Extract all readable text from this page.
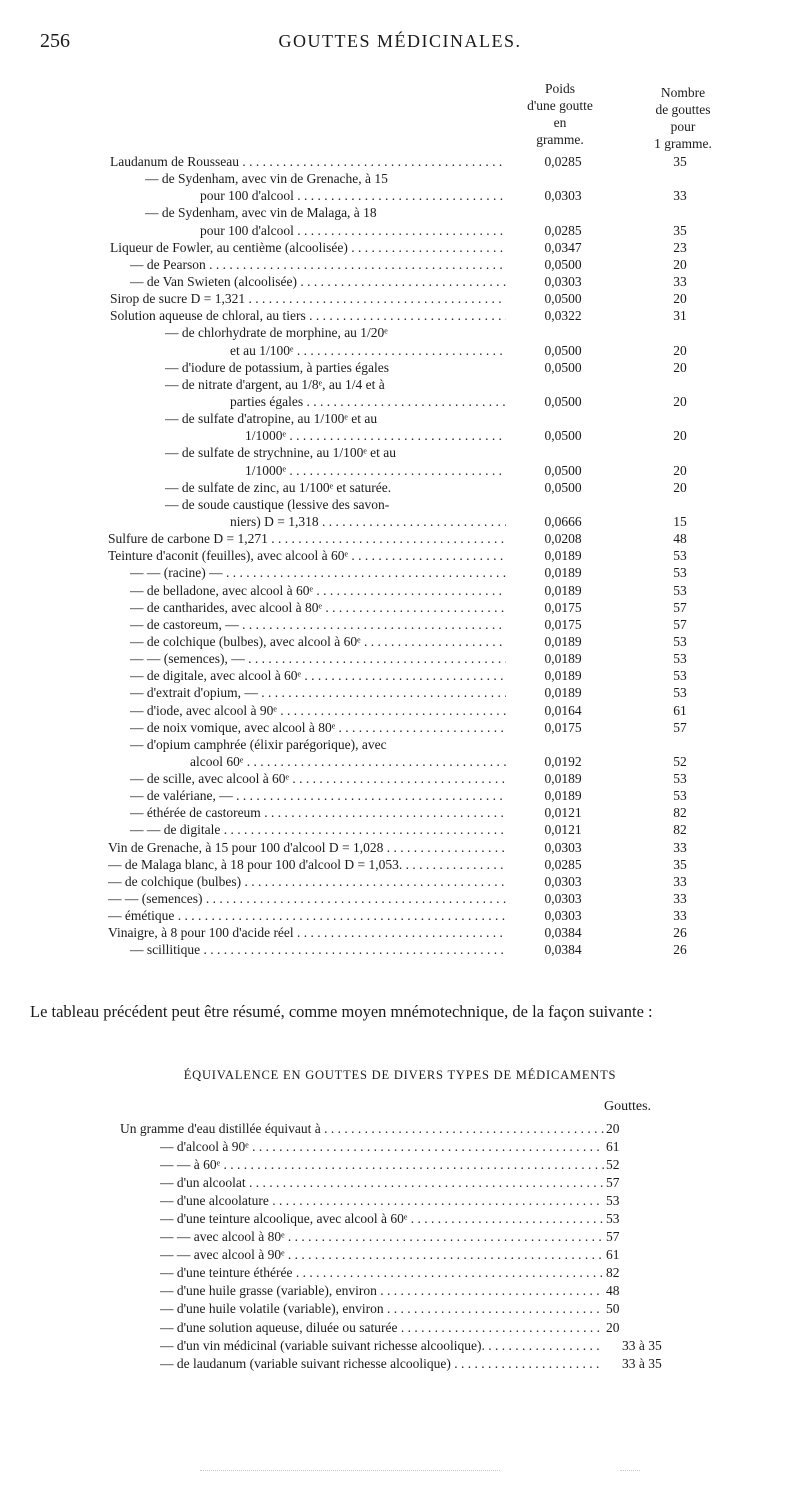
256	GOUTTES MÉDICINALES.
Poids
d'une goutte
en
gramme.
Nombre
de gouttes
pour
1 gramme.
Laudanum de Rousseau . . .	0,0285	35
— de Sydenham, avec vin de Grenache, à 15
pour 100 d'alcool . . .	0,0303	33
— de Sydenham, avec vin de Malaga, à 18
pour 100 d'alcool . . .	0,0285	35
Liqueur de Fowler, au centième (alcoolisée) . . .	0,0347	23
— de Pearson . . .	0,0500	20
— de Van Swieten (alcoolisée) . . .	0,0303	33
Sirop de sucre D = 1,321 . . .	0,0500	20
Solution aqueuse de chloral, au tiers . . .	0,0322	31
— de chlorhydrate de morphine, au 1/20ᵉ
et au 1/100ᵉ . . .	0,0500	20
— d'iodure de potassium, à parties égales	0,0500	20
— de nitrate d'argent, au 1/8ᵉ, au 1/4 et à
parties égales . . .	0,0500	20
— de sulfate d'atropine, au 1/100ᵉ et au
1/1000ᵉ . . .	0,0500	20
— de sulfate de strychnine, au 1/100ᵉ et au
1/1000ᵉ . . .	0,0500	20
— de sulfate de zinc, au 1/100ᵉ et saturée.	0,0500	20
— de soude caustique (lessive des savon-
niers) D = 1,318 . . .	0,0666	15
Sulfure de carbone D = 1,271 . . .	0,0208	48
Teinture d'aconit (feuilles), avec alcool à 60ᵉ . . .	0,0189	53
— — (racine) — . . .	0,0189	53
— de belladone, avec alcool à 60ᵉ . . .	0,0189	53
— de cantharides, avec alcool à 80ᵉ . . .	0,0175	57
— de castoreum, — . . .	0,0175	57
— de colchique (bulbes), avec alcool à 60ᵉ . . .	0,0189	53
— — (semences), — . . .	0,0189	53
— de digitale, avec alcool à 60ᵉ . . .	0,0189	53
— d'extrait d'opium, — . . .	0,0189	53
— d'iode, avec alcool à 90ᵉ . . .	0,0164	61
— de noix vomique, avec alcool à 80ᵉ . . .	0,0175	57
— d'opium camphrée (élixir parégorique), avec
alcool 60ᵉ . . .	0,0192	52
— de scille, avec alcool à 60ᵉ . . .	0,0189	53
— de valériane, — . . .	0,0189	53
— éthérée de castoreum . . .	0,0121	82
— — de digitale . . .	0,0121	82
Vin de Grenache, à 15 pour 100 d'alcool D = 1,028 . . .	0,0303	33
— de Malaga blanc, à 18 pour 100 d'alcool D = 1,053. . . .	0,0285	35
— de colchique (bulbes) . . .	0,0303	33
— — (semences) . . .	0,0303	33
— émétique . . .	0,0303	33
Vinaigre, à 8 pour 100 d'acide réel . . .	0,0384	26
— scillitique . . .	0,0384	26
Le tableau précédent peut être résumé, comme moyen mnémotechnique, de la façon suivante :
ÉQUIVALENCE EN GOUTTES DE DIVERS TYPES DE MÉDICAMENTS
Gouttes.
Un gramme d'eau distillée équivaut à . . .	20
— d'alcool à 90ᵉ . . .	61
— — à 60ᵉ . . .	52
— d'un alcoolat . . .	57
— d'une alcoolature . . .	53
— d'une teinture alcoolique, avec alcool à 60ᵉ . . .	53
— — avec alcool à 80ᵉ . . .	57
— — avec alcool à 90ᵉ . . .	61
— d'une teinture éthérée . . .	82
— d'une huile grasse (variable), environ . . .	48
— d'une huile volatile (variable), environ . . .	50
— d'une solution aqueuse, diluée ou saturée . . .	20
— d'un vin médicinal (variable suivant richesse alcoolique). . . .	33 à 35
— de laudanum (variable suivant richesse alcoolique) . . .	33 à 35
